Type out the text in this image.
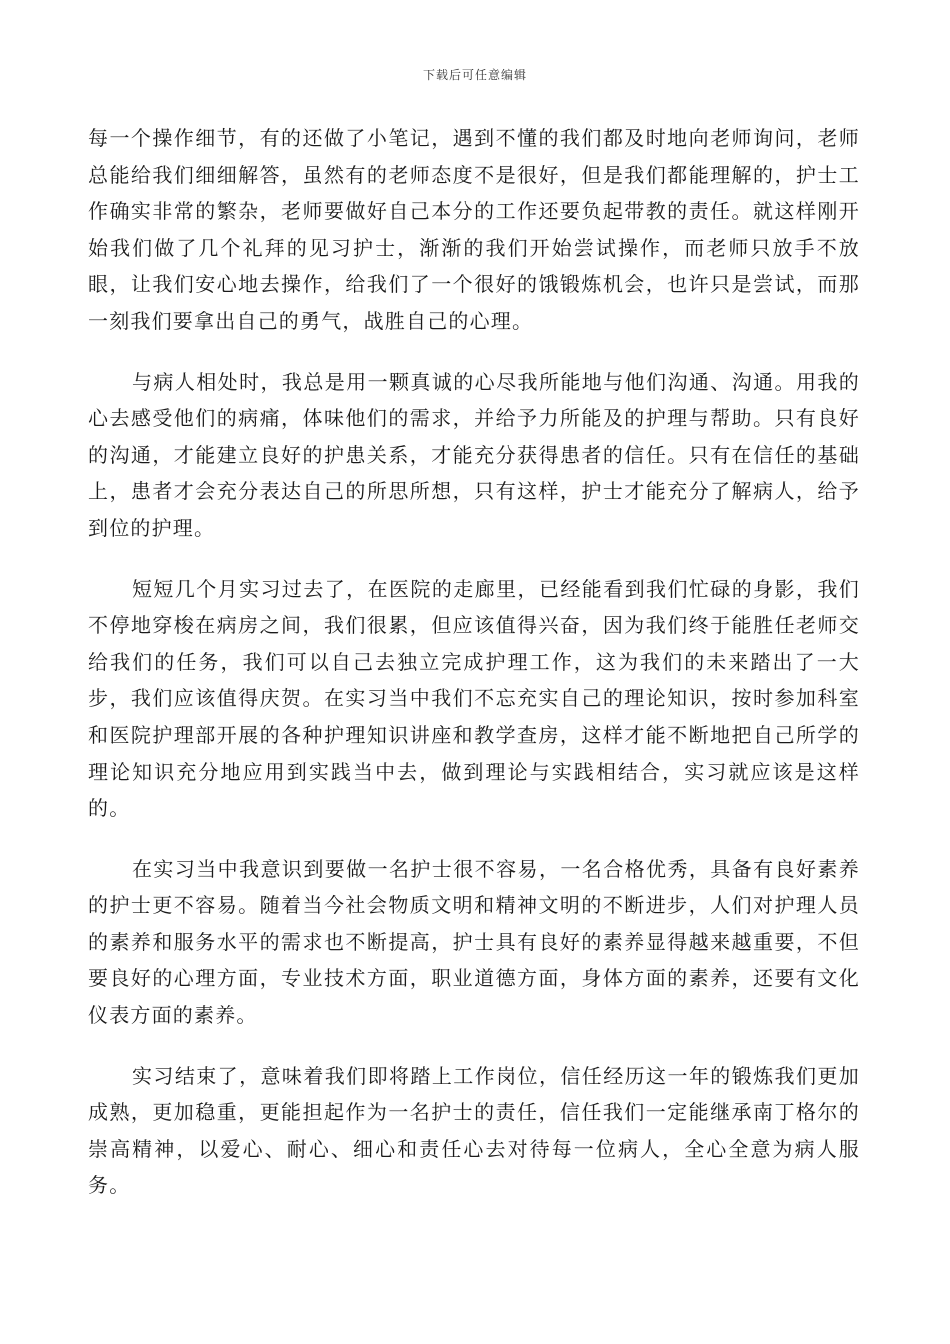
下载后可任意编辑

每一个操作细节，有的还做了小笔记，遇到不懂的我们都及时地向老师询问，老师总能给我们细细解答，虽然有的老师态度不是很好，但是我们都能理解的，护士工作确实非常的繁杂，老师要做好自己本分的工作还要负起带教的责任。就这样刚开始我们做了几个礼拜的见习护士，渐渐的我们开始尝试操作，而老师只放手不放眼，让我们安心地去操作，给我们了一个很好的饿锻炼机会，也许只是尝试，而那一刻我们要拿出自己的勇气，战胜自己的心理。

与病人相处时，我总是用一颗真诚的心尽我所能地与他们沟通、沟通。用我的心去感受他们的病痛，体味他们的需求，并给予力所能及的护理与帮助。只有良好的沟通，才能建立良好的护患关系，才能充分获得患者的信任。只有在信任的基础上，患者才会充分表达自己的所思所想，只有这样，护士才能充分了解病人，给予到位的护理。

短短几个月实习过去了，在医院的走廊里，已经能看到我们忙碌的身影，我们不停地穿梭在病房之间，我们很累，但应该值得兴奋，因为我们终于能胜任老师交给我们的任务，我们可以自己去独立完成护理工作，这为我们的未来踏出了一大步，我们应该值得庆贺。在实习当中我们不忘充实自己的理论知识，按时参加科室和医院护理部开展的各种护理知识讲座和教学查房，这样才能不断地把自己所学的理论知识充分地应用到实践当中去，做到理论与实践相结合，实习就应该是这样的。

在实习当中我意识到要做一名护士很不容易，一名合格优秀，具备有良好素养的护士更不容易。随着当今社会物质文明和精神文明的不断进步，人们对护理人员的素养和服务水平的需求也不断提高，护士具有良好的素养显得越来越重要，不但要良好的心理方面，专业技术方面，职业道德方面，身体方面的素养，还要有文化仪表方面的素养。

实习结束了，意味着我们即将踏上工作岗位，信任经历这一年的锻炼我们更加成熟，更加稳重，更能担起作为一名护士的责任，信任我们一定能继承南丁格尔的崇高精神，以爱心、耐心、细心和责任心去对待每一位病人，全心全意为病人服务。
